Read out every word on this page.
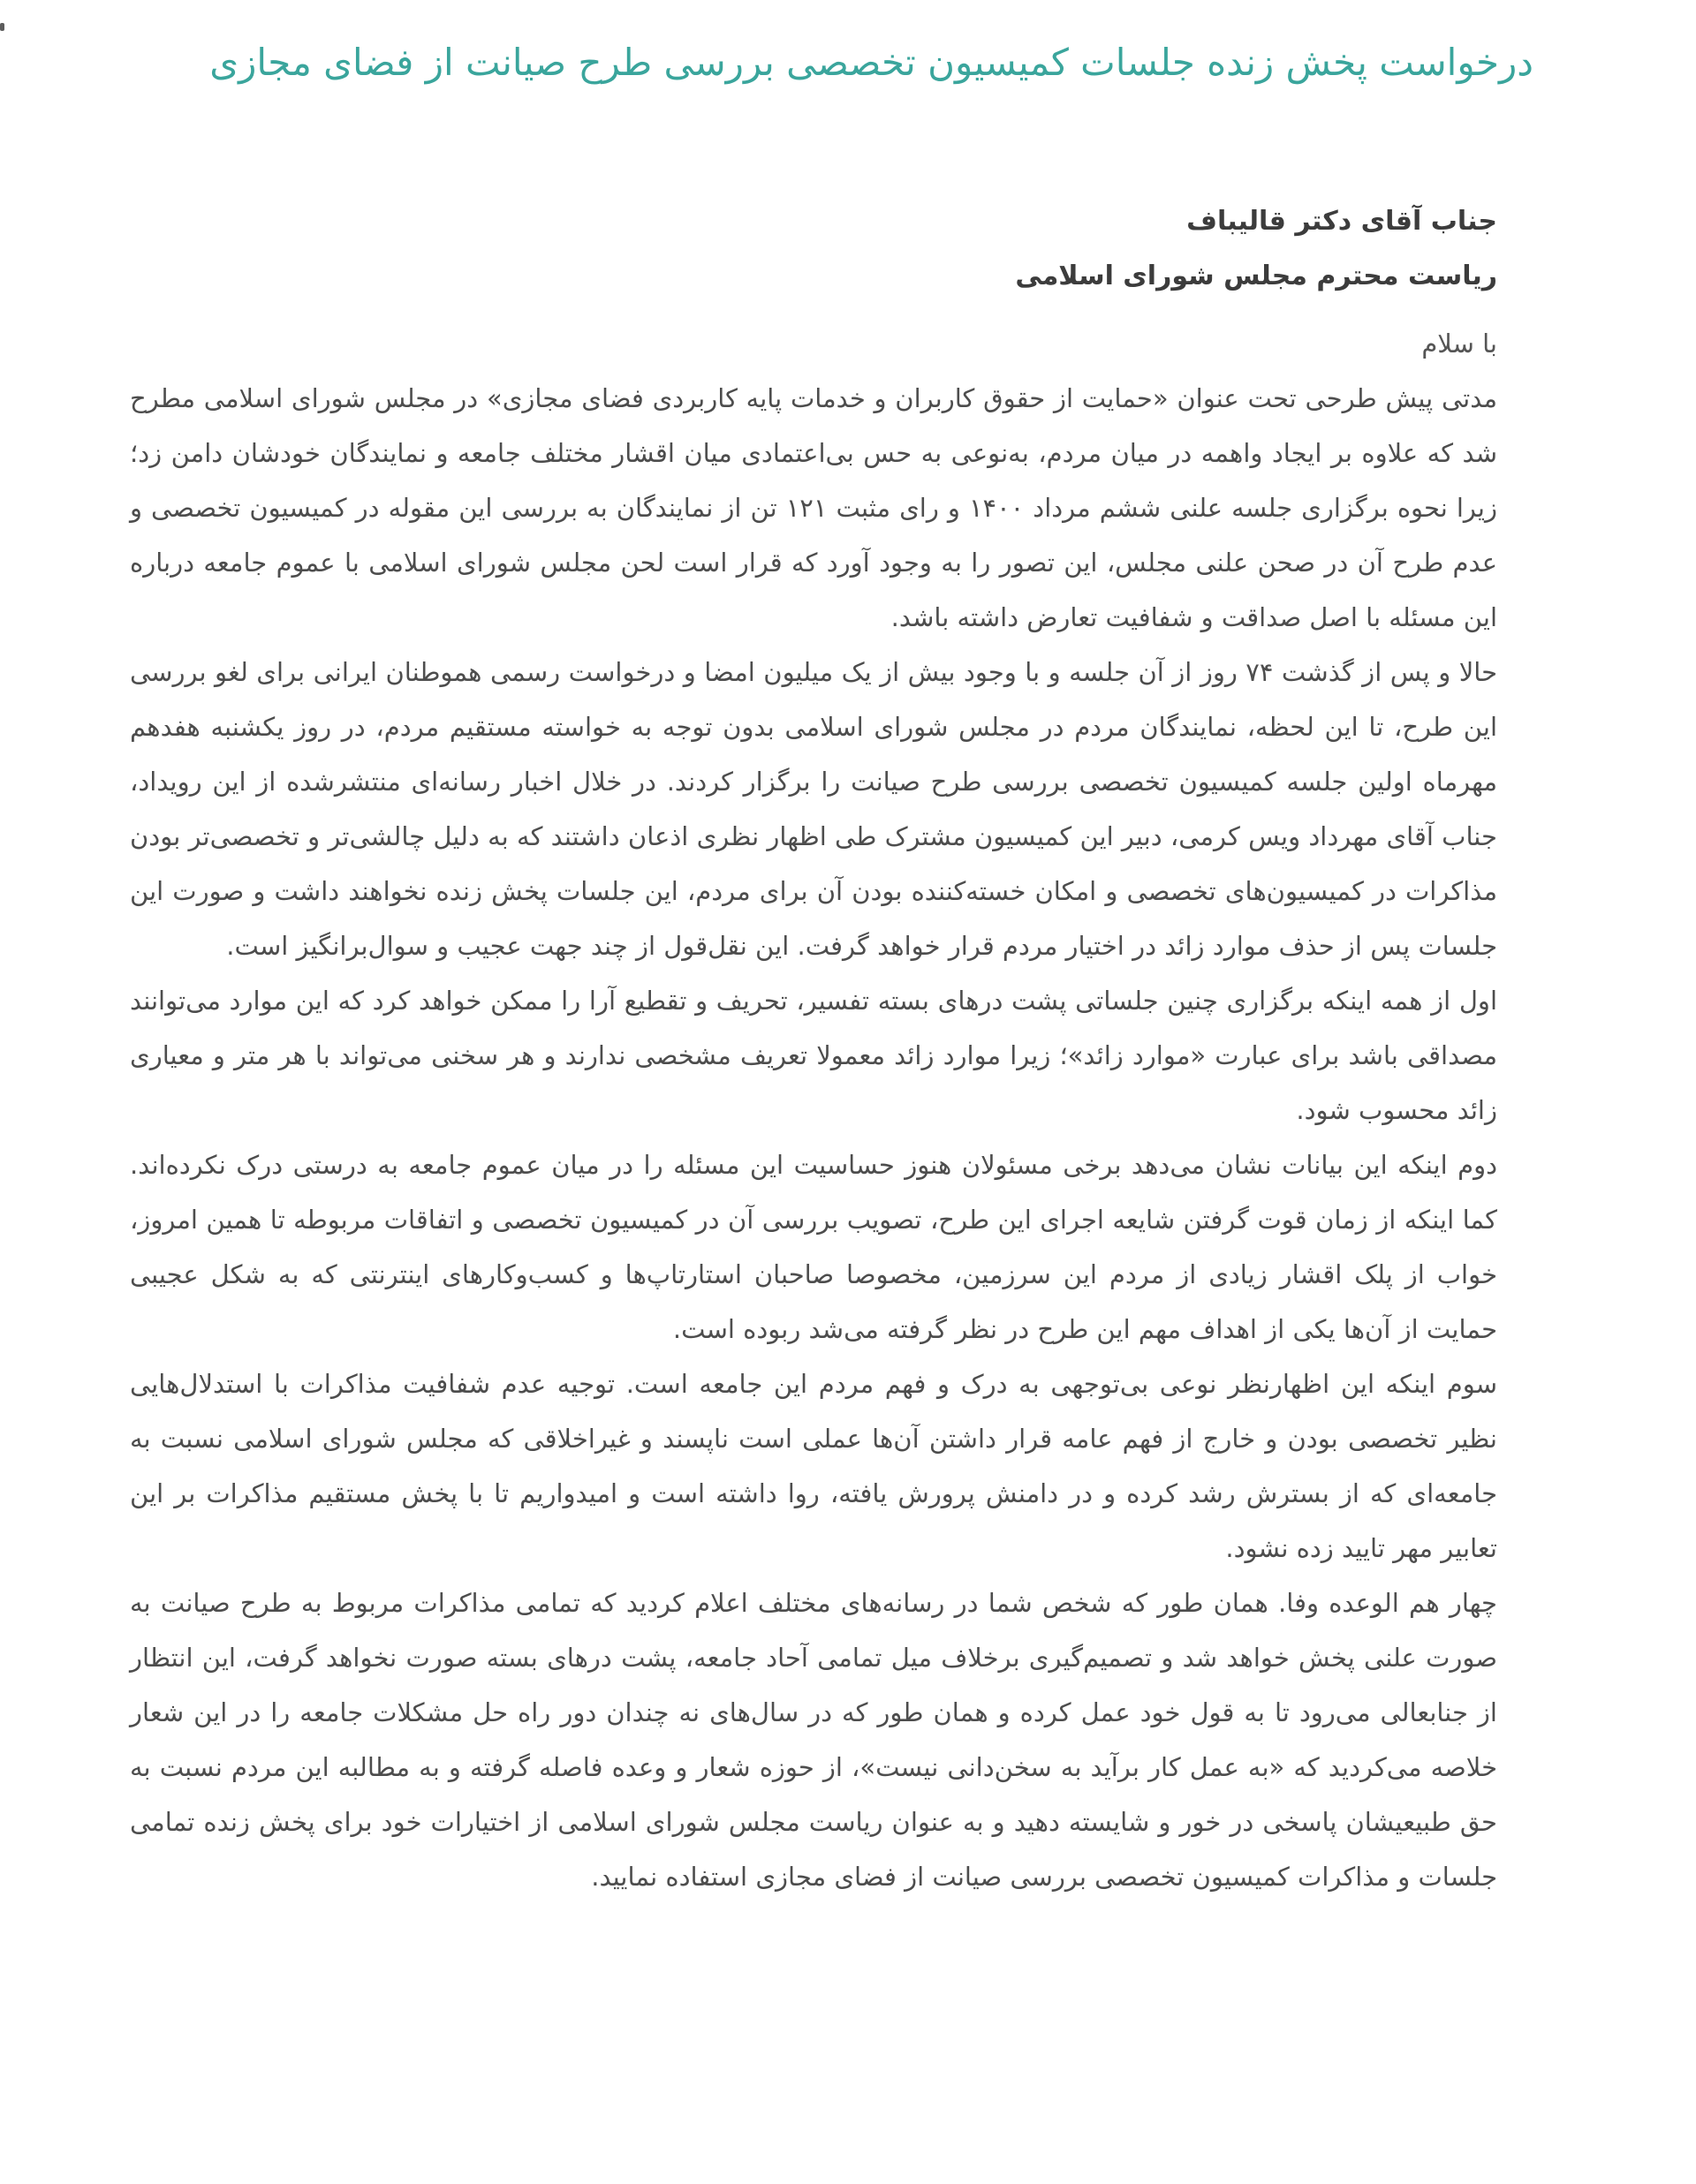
درخواست پخش زنده جلسات کمیسیون تخصصی بررسی طرح صیانت از فضای مجازی

جناب آقای دکتر قالیباف

ریاست محترم مجلس شورای اسلامی

با سلام

مدتی پیش طرحی تحت عنوان «حمایت از حقوق کاربران و خدمات پایه کاربردی فضای مجازی» در مجلس شورای اسلامی مطرح شد که علاوه بر ایجاد واهمه در میان مردم، به‌نوعی به حس بی‌اعتمادی میان اقشار مختلف جامعه و نمایندگان خودشان دامن زد؛ زیرا نحوه برگزاری جلسه علنی ششم مرداد ۱۴۰۰ و رای مثبت ۱۲۱ تن از نمایندگان به بررسی این مقوله در کمیسیون تخصصی و عدم طرح آن در صحن علنی مجلس، این تصور را به وجود آورد که قرار است لحن مجلس شورای اسلامی با عموم جامعه درباره این مسئله با اصل صداقت و شفافیت تعارض داشته باشد.

حالا و پس از گذشت ۷۴ روز از آن جلسه و با وجود بیش از یک میلیون امضا و درخواست رسمی هموطنان ایرانی برای لغو بررسی این طرح، تا این لحظه، نمایندگان مردم در مجلس شورای اسلامی بدون توجه به خواسته مستقیم مردم، در روز یکشنبه هفدهم مهرماه اولین جلسه کمیسیون تخصصی بررسی طرح صیانت را برگزار کردند. در خلال اخبار رسانه‌ای منتشرشده از این رویداد، جناب آقای مهرداد ویس کرمی، دبیر این کمیسیون مشترک طی اظهار نظری اذعان داشتند که به دلیل چالشی‌تر و تخصصی‌تر بودن مذاکرات در کمیسیون‌های تخصصی و امکان خسته‌کننده بودن آن برای مردم، این جلسات پخش زنده نخواهند داشت و صورت این جلسات پس از حذف موارد زائد در اختیار مردم قرار خواهد گرفت. این نقل‌قول از چند جهت عجیب و سوال‌برانگیز است.

اول از همه اینکه برگزاری چنین جلساتی پشت درهای بسته تفسیر، تحریف و تقطیع آرا را ممکن خواهد کرد که این موارد می‌توانند مصداقی باشد برای عبارت «موارد زائد»؛ زیرا موارد زائد معمولا تعریف مشخصی ندارند و هر سخنی می‌تواند با هر متر و معیاری زائد محسوب شود.

دوم اینکه این بیانات نشان می‌دهد برخی مسئولان هنوز حساسیت این مسئله را در میان عموم جامعه به درستی درک نکرده‌اند. کما اینکه از زمان قوت گرفتن شایعه اجرای این طرح، تصویب بررسی آن در کمیسیون تخصصی و اتفاقات مربوطه تا همین امروز، خواب از پلک اقشار زیادی از مردم این سرزمین، مخصوصا صاحبان استارتاپ‌ها و کسب‌وکارهای اینترنتی که به شکل عجیبی حمایت از آن‌ها یکی از اهداف مهم این طرح در نظر گرفته می‌شد ربوده است.

سوم اینکه این اظهارنظر نوعی بی‌توجهی به درک و فهم مردم این جامعه است. توجیه عدم شفافیت مذاکرات با استدلال‌هایی نظیر تخصصی بودن و خارج از فهم عامه قرار داشتن آن‌ها عملی است ناپسند و غیراخلاقی که مجلس شورای اسلامی نسبت به جامعه‌ای که از بسترش رشد کرده و در دامنش پرورش یافته، روا داشته است و امیدواریم تا با پخش مستقیم مذاکرات بر این تعابیر مهر تایید زده نشود.

چهار هم الوعده وفا. همان طور که شخص شما در رسانه‌های مختلف اعلام کردید که تمامی مذاکرات مربوط به طرح صیانت به صورت علنی پخش خواهد شد و تصمیم‌گیری برخلاف میل تمامی آحاد جامعه، پشت درهای بسته صورت نخواهد گرفت، این انتظار از جنابعالی می‌رود تا به قول خود عمل کرده و همان طور که در سال‌های نه چندان دور راه حل مشکلات جامعه را در این شعار خلاصه می‌کردید که «به عمل کار برآید به سخن‌دانی نیست»، از حوزه شعار و وعده فاصله گرفته و به مطالبه این مردم نسبت به حق طبیعیشان پاسخی در خور و شایسته دهید و به عنوان ریاست مجلس شورای اسلامی از اختیارات خود برای پخش زنده تمامی جلسات و مذاکرات کمیسیون تخصصی بررسی صیانت از فضای مجازی استفاده نمایید.
